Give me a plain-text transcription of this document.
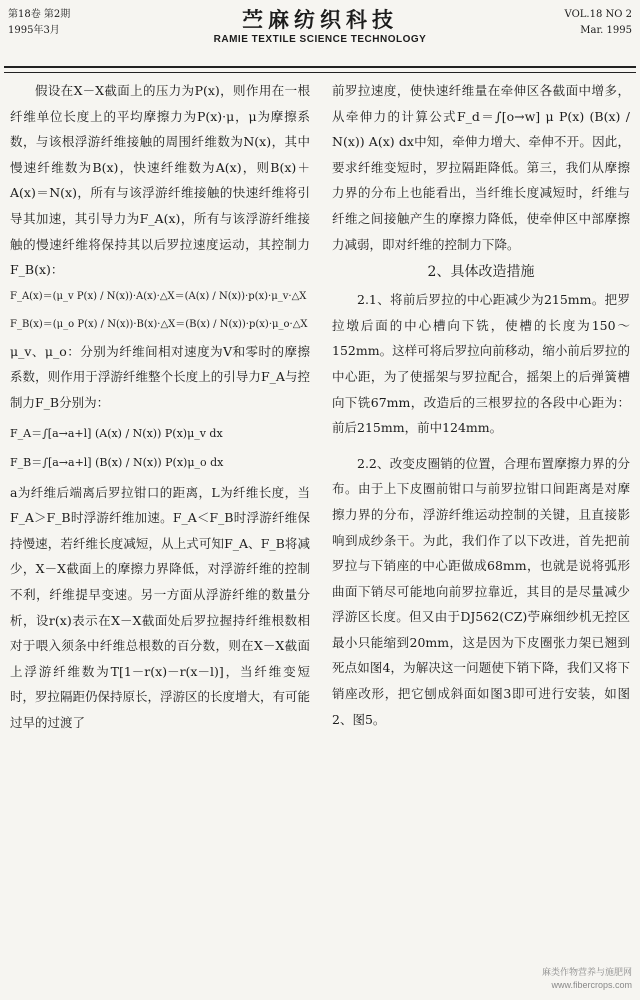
第18卷 第2期
1995年3月	苎麻纺织科技
RAMIE TEXTILE SCIENCE TECHNOLOGY
VOL.18 NO 2
Mar. 1995

假设在X－X截面上的压力为P(x)，则作用在一根纤维单位长度上的平均摩擦力为P(x)·μ，μ为摩擦系数，与该根浮游纤维接触的周围纤维数为N(x)，其中慢速纤维数为B(x)，快速纤维数为A(x)，则B(x)＋A(x)＝N(x)，所有与该浮游纤维接触的快速纤维将引导其加速，其引导力为F_A(x)，所有与该浮游纤维接触的慢速纤维将保持其以后罗拉速度运动，其控制力F_B(x)：

F_A(x)＝(μ_v P(x) / N(x))·A(x)·△X＝(A(x) / N(x))·p(x)·μ_v·△X
F_B(x)＝(μ_o P(x) / N(x))·B(x)·△X＝(B(x) / N(x))·p(x)·μ_o·△X

μ_v、μ_o：分别为纤维间相对速度为V和零时的摩擦系数，则作用于浮游纤维整个长度上的引导力F_A与控制力F_B分别为：

F_A＝∫[a→a+l] (A(x) / N(x)) P(x)μ_v dx
F_B＝∫[a→a+l] (B(x) / N(x)) P(x)μ_o dx

a为纤维后端离后罗拉钳口的距离，L为纤维长度，当F_A＞F_B时浮游纤维加速。F_A＜F_B时浮游纤维保持慢速，若纤维长度减短，从上式可知F_A、F_B将减少，X－X截面上的摩擦力界降低，对浮游纤维的控制不利，纤维提早变速。另一方面从浮游纤维的数量分析，设r(x)表示在X－X截面处后罗拉握持纤维根数相对于喂入须条中纤维总根数的百分数，则在X－X截面上浮游纤维数为T[1－r(x)－r(x－l)]，当纤维变短时，罗拉隔距仍保持原长，浮游区的长度增大，有可能过早的过渡了

前罗拉速度，使快速纤维量在牵伸区各截面中增多，从牵伸力的计算公式F_d＝∫[o→w] μ P(x) (B(x) / N(x)) A(x) dx中知，牵伸力增大、牵伸不开。因此，要求纤维变短时，罗拉隔距降低。第三，我们从摩擦力界的分布上也能看出，当纤维长度减短时，纤维与纤维之间接触产生的摩擦力降低，使牵伸区中部摩擦力减弱，即对纤维的控制力下降。

2、具体改造措施

2.1、将前后罗拉的中心距减少为215mm。把罗拉墩后面的中心槽向下铣，使槽的长度为150～152mm。这样可将后罗拉向前移动，缩小前后罗拉的中心距，为了使摇架与罗拉配合，摇架上的后弹簧槽向下铣67mm，改造后的三根罗拉的各段中心距为：前后215mm，前中124mm。

2.2、改变皮圈销的位置，合理布置摩擦力界的分布。由于上下皮圈前钳口与前罗拉钳口间距离是对摩擦力界的分布，浮游纤维运动控制的关键，且直接影响到成纱条干。为此，我们作了以下改进，首先把前罗拉与下销座的中心距做成68mm，也就是说将弧形曲面下销尽可能地向前罗拉靠近，其目的是尽量减少浮游区长度。但又由于DJ562(CZ)苧麻细纱机无控区最小只能缩到20mm，这是因为下皮圈张力架已翘到死点如图4，为解决这一问题使下销下降，我们又将下销座改形，把它刨成斜面如图3即可进行安装，如图2、图5。

麻类作物营养与施肥网
www.fibercrops.com
